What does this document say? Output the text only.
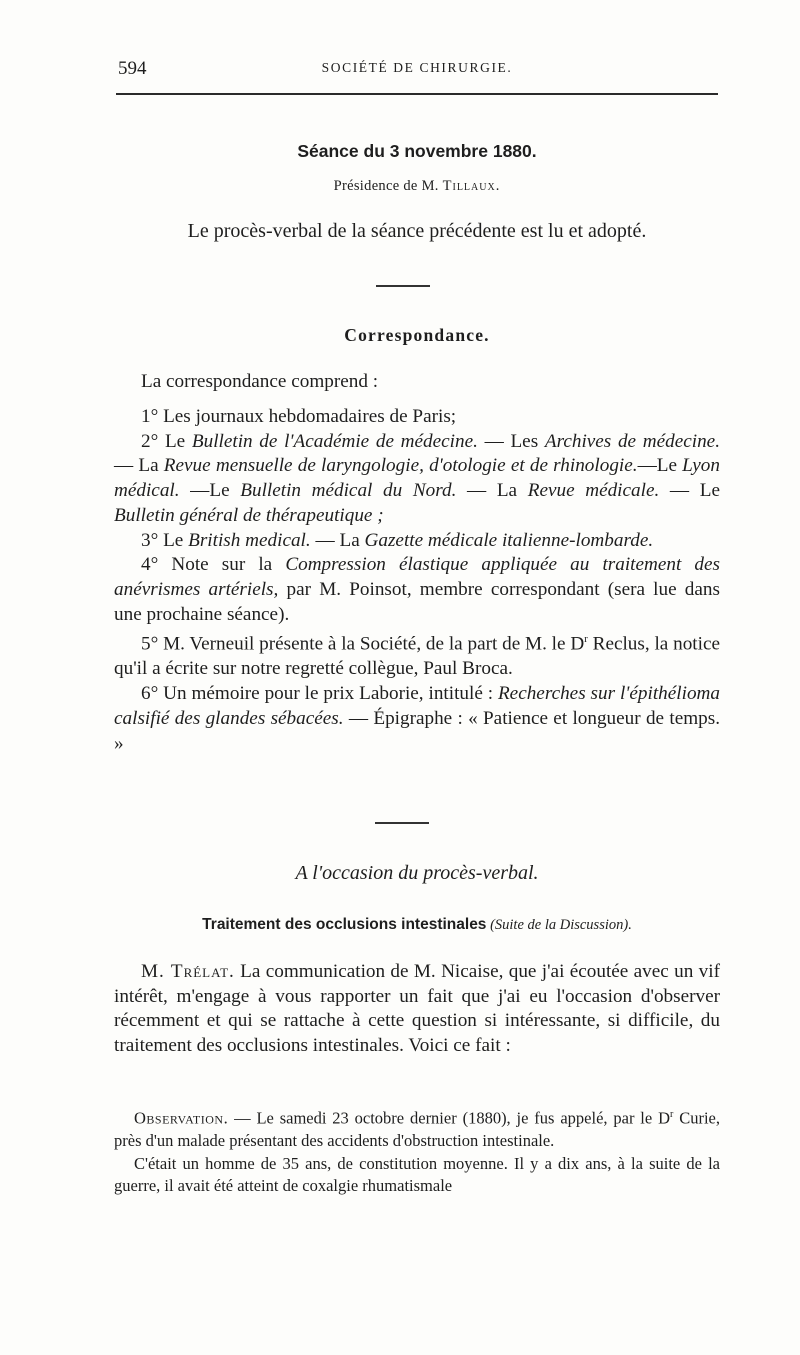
594	SOCIÉTÉ DE CHIRURGIE.
Séance du 3 novembre 1880.
Présidence de M. Tillaux.
Le procès-verbal de la séance précédente est lu et adopté.
Correspondance.

La correspondance comprend :

1° Les journaux hebdomadaires de Paris;

2° Le Bulletin de l'Académie de médecine. — Les Archives de médecine. — La Revue mensuelle de laryngologie, d'otologie et de rhinologie.—Le Lyon médical. —Le Bulletin médical du Nord. — La Revue médicale. — Le Bulletin général de thérapeutique ;

3° Le British medical. — La Gazette médicale italienne-lombarde.

4° Note sur la Compression élastique appliquée au traitement des anévrismes artériels, par M. Poinsot, membre correspondant (sera lue dans une prochaine séance).

5° M. Verneuil présente à la Société, de la part de M. le $D^r$ Reclus, la notice qu'il a écrite sur notre regretté collègue, Paul Broca.

6° Un mémoire pour le prix Laborie, intitulé : Recherches sur l'épithélioma calsifié des glandes sébacées. — Épigraphe : « Patience et longueur de temps. »

A l'occasion du procès-verbal.
Traitement des occlusions intestinales (Suite de la Discussion).

M. Trélat. La communication de M. Nicaise, que j'ai écoutée avec un vif intérêt, m'engage à vous rapporter un fait que j'ai eu l'occasion d'observer récemment et qui se rattache à cette question si intéressante, si difficile, du traitement des occlusions intestinales. Voici ce fait :

Observation. — Le samedi 23 octobre dernier (1880), je fus appelé, par le $D^r$ Curie, près d'un malade présentant des accidents d'obstruction intestinale.

C'était un homme de 35 ans, de constitution moyenne. Il y a dix ans, à la suite de la guerre, il avait été atteint de coxalgie rhumatismale
